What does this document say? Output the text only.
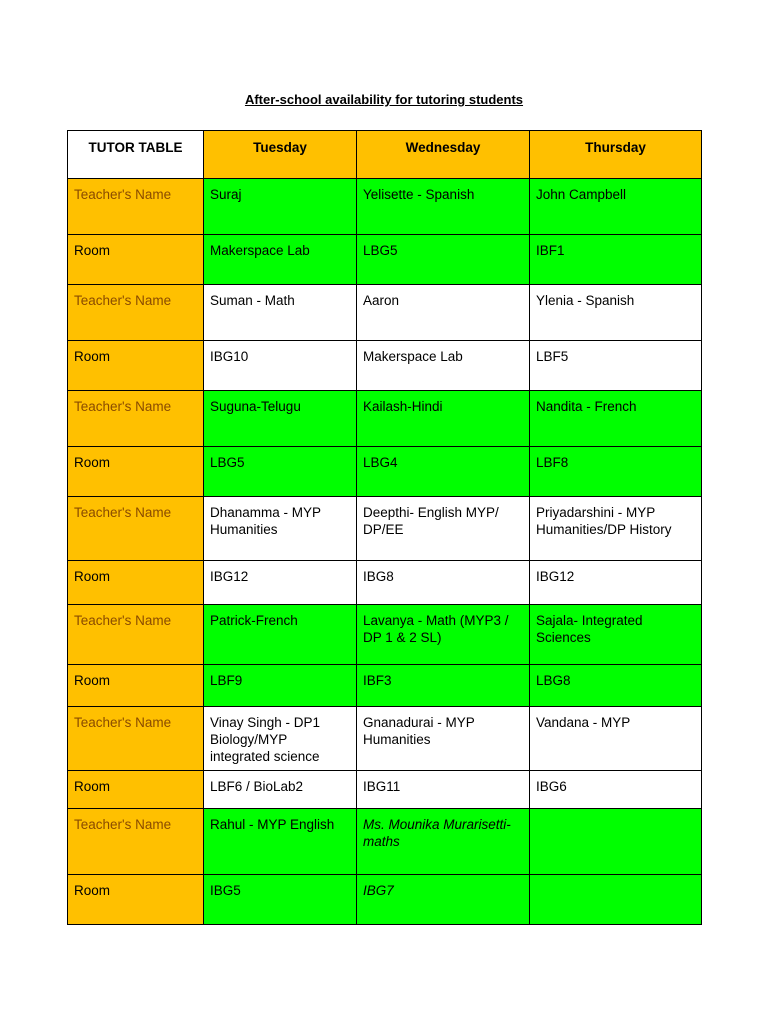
After-school availability for tutoring students
TUTOR TABLE	Tuesday	Wednesday	Thursday
Teacher's Name	Suraj	Yelisette - Spanish	John Campbell
Room	Makerspace Lab	LBG5	IBF1
Teacher's Name	Suman - Math	Aaron	Ylenia - Spanish
Room	IBG10	Makerspace Lab	LBF5
Teacher's Name	Suguna-Telugu	Kailash-Hindi	Nandita - French
Room	LBG5	LBG4	LBF8
Teacher's Name	Dhanamma - MYP Humanities	Deepthi- English MYP/ DP/EE	Priyadarshini - MYP Humanities/DP History
Room	IBG12	IBG8	IBG12
Teacher's Name	Patrick-French	Lavanya - Math (MYP3 / DP 1 & 2 SL)	Sajala- Integrated Sciences
Room	LBF9	IBF3	LBG8
Teacher's Name	Vinay Singh - DP1 Biology/MYP integrated science	Gnanadurai - MYP Humanities	Vandana - MYP
Room	LBF6 / BioLab2	IBG11	IBG6
Teacher's Name	Rahul - MYP English	Ms. Mounika Murarisetti- maths	
Room	IBG5	IBG7	
